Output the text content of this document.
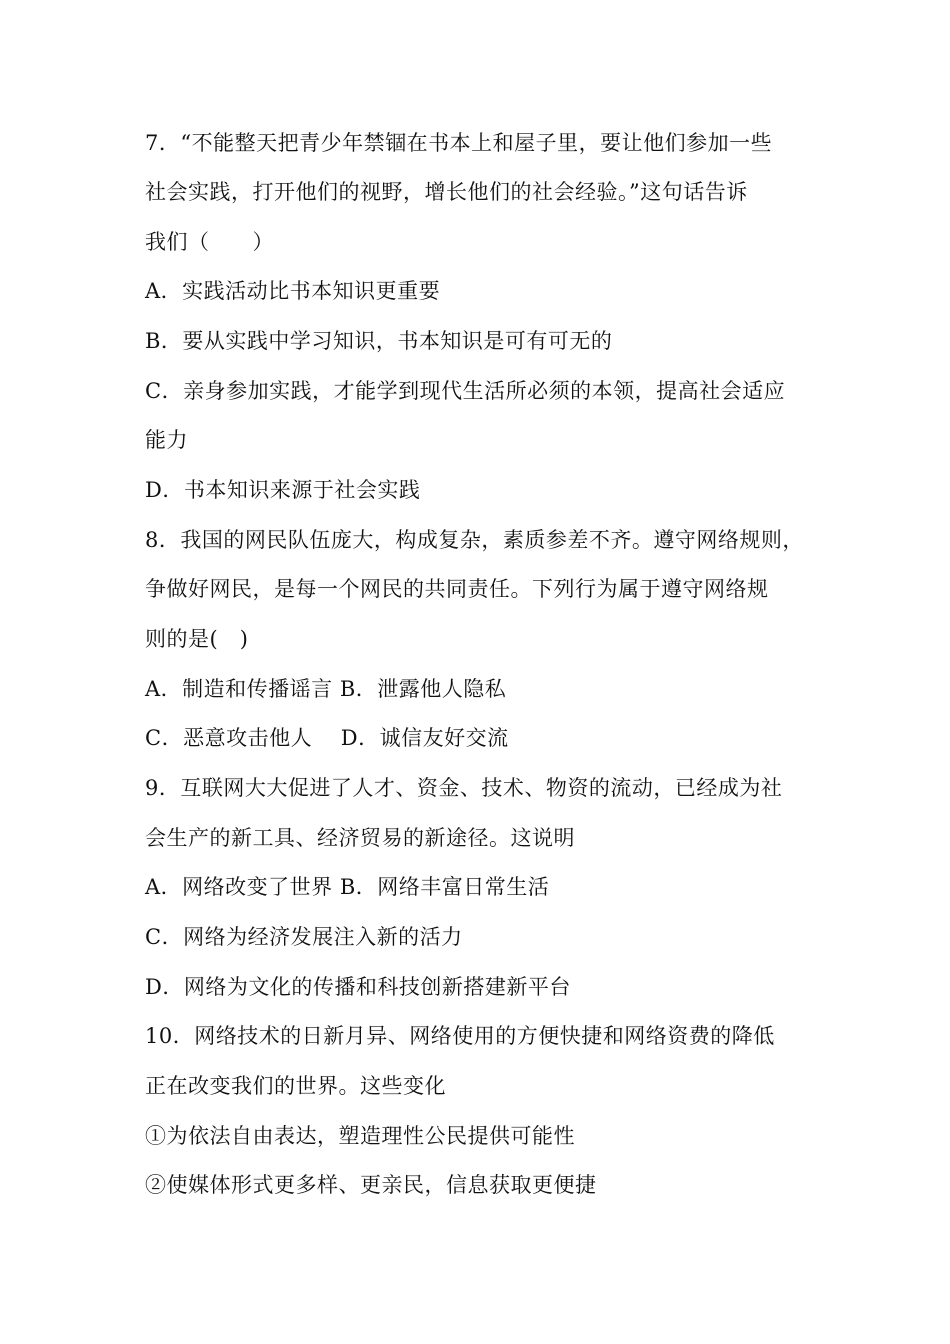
7．“不能整天把青少年禁锢在书本上和屋子里，要让他们参加一些
社会实践，打开他们的视野，增长他们的社会经验。”这句话告诉
我们（　　）
A．实践活动比书本知识更重要
B．要从实践中学习知识，书本知识是可有可无的
C．亲身参加实践，才能学到现代生活所必须的本领，提高社会适应
能力
D．书本知识来源于社会实践
8．我国的网民队伍庞大，构成复杂，素质参差不齐。遵守网络规则，
争做好网民，是每一个网民的共同责任。下列行为属于遵守网络规
则的是(　)
A．制造和传播谣言 B．泄露他人隐私
C．恶意攻击他人　 D．诚信友好交流
9．互联网大大促进了人才、资金、技术、物资的流动，已经成为社
会生产的新工具、经济贸易的新途径。这说明
A．网络改变了世界 B．网络丰富日常生活
C．网络为经济发展注入新的活力
D．网络为文化的传播和科技创新搭建新平台
10．网络技术的日新月异、网络使用的方便快捷和网络资费的降低
正在改变我们的世界。这些变化
①为依法自由表达，塑造理性公民提供可能性
②使媒体形式更多样、更亲民，信息获取更便捷
